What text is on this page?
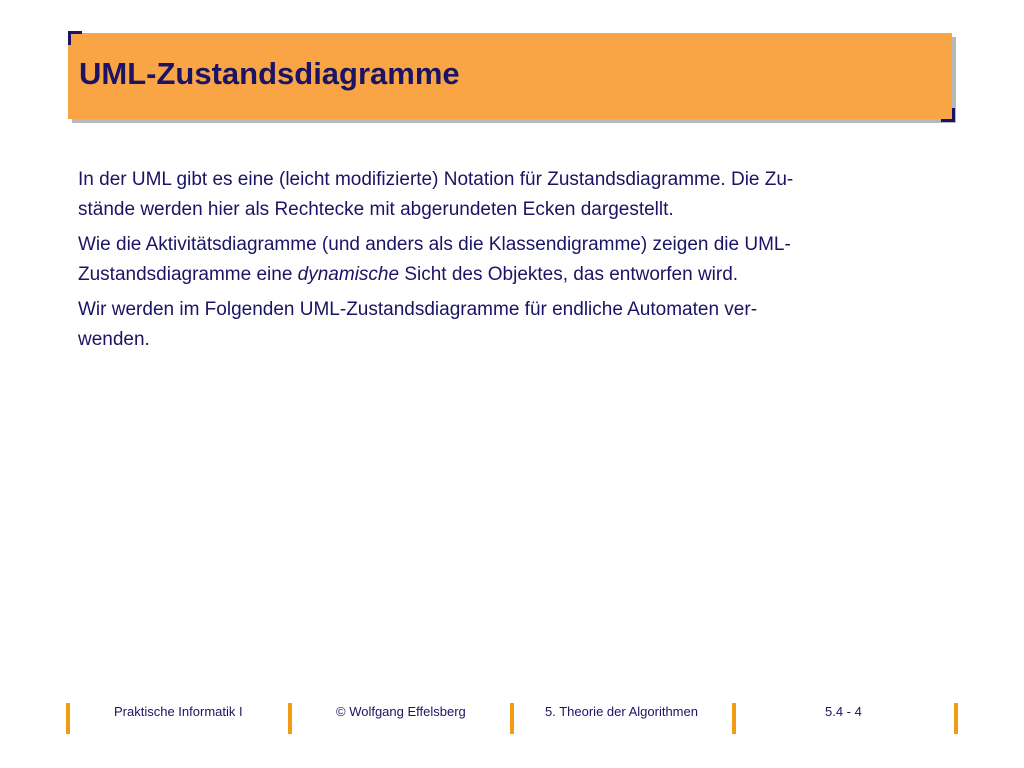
UML-Zustandsdiagramme

In der UML gibt es eine (leicht modifizierte) Notation für Zustandsdiagramme. Die Zu-
stände werden hier als Rechtecke mit abgerundeten Ecken dargestellt.

Wie die Aktivitätsdiagramme (und anders als die Klassendigramme) zeigen die UML-
Zustandsdiagramme eine dynamische Sicht des Objektes, das entworfen wird.

Wir werden im Folgenden UML-Zustandsdiagramme für endliche Automaten ver-
wenden.

Praktische Informatik I	© Wolfgang Effelsberg	5. Theorie der Algorithmen	5.4 - 4
